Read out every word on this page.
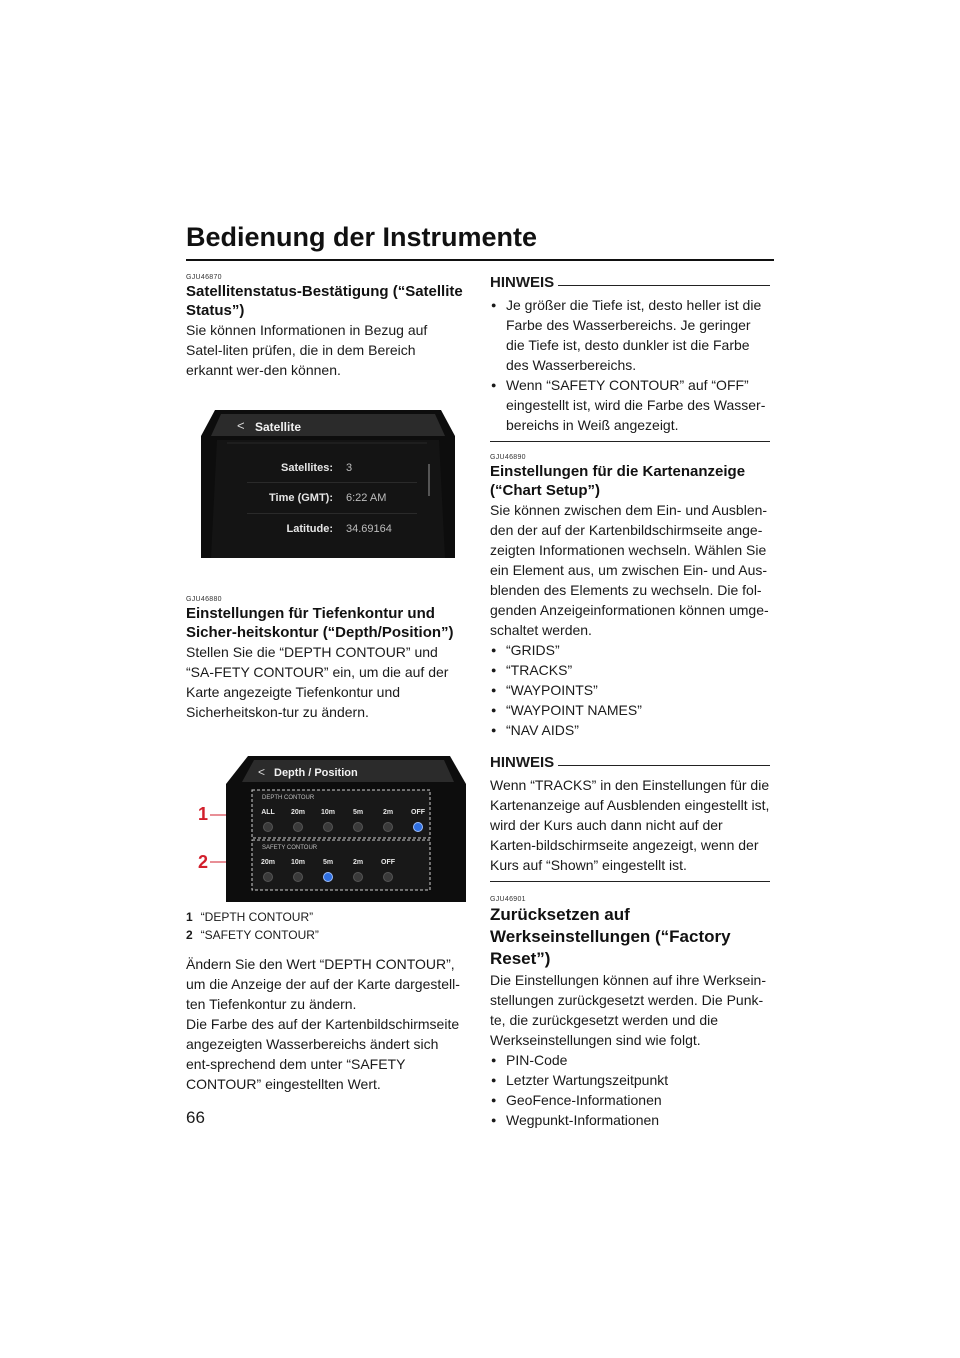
Bedienung der Instrumente
GJU46870
Satellitenstatus-Bestätigung (“Satellite Status”)

Sie können Informationen in Bezug auf Satel-liten prüfen, die in dem Bereich erkannt wer-den können.

< Satellite
Satellites: 3
Time (GMT): 6:22 AM
Latitude: 34.69164
GJU46880
Einstellungen für Tiefenkontur und Sicher-heitskontur (“Depth/Position”)

Stellen Sie die “DEPTH CONTOUR” und “SA-FETY CONTOUR” ein, um die auf der Karte angezeigte Tiefenkontur und Sicherheitskon-tur zu ändern.

1
2
< Depth / Position
DEPTH CONTOUR
ALL 20m 10m	5m	2m	OFF
SAFETY CONTOUR
20m 10m	5m	2m	OFF
1 “DEPTH CONTOUR”
2 “SAFETY CONTOUR”

Ändern Sie den Wert “DEPTH CONTOUR”, um die Anzeige der auf der Karte dargestell-ten Tiefenkontur zu ändern.

Die Farbe des auf der Kartenbildschirmseite angezeigten Wasserbereichs ändert sich ent-sprechend dem unter “SAFETY CONTOUR” eingestellten Wert.

HINWEIS
● Je größer die Tiefe ist, desto heller ist die Farbe des Wasserbereichs. Je geringer die Tiefe ist, desto dunkler ist die Farbe des Wasserbereichs.
● Wenn “SAFETY CONTOUR” auf “OFF” eingestellt ist, wird die Farbe des Wasser-bereichs in Weiß angezeigt.
GJU46890
Einstellungen für die Kartenanzeige (“Chart Setup”)

Sie können zwischen dem Ein- und Ausblen-den der auf der Kartenbildschirmseite ange-zeigten Informationen wechseln. Wählen Sie ein Element aus, um zwischen Ein- und Aus-blenden des Elements zu wechseln. Die fol-genden Anzeigeinformationen können umge-schaltet werden.

● “GRIDS”
● “TRACKS”
● “WAYPOINTS”
● “WAYPOINT NAMES”
● “NAV AIDS”
HINWEIS

Wenn “TRACKS” in den Einstellungen für die Kartenanzeige auf Ausblenden eingestellt ist, wird der Kurs auch dann nicht auf der Karten-bildschirmseite angezeigt, wenn der Kurs auf “Shown” eingestellt ist.

GJU46901
Zurücksetzen auf Werkseinstellungen (“Factory Reset”)

Die Einstellungen können auf ihre Werksein-stellungen zurückgesetzt werden. Die Punk-te, die zurückgesetzt werden und die Werkseinstellungen sind wie folgt.

● PIN-Code
● Letzter Wartungszeitpunkt
● GeoFence-Informationen
● Wegpunkt-Informationen
66
